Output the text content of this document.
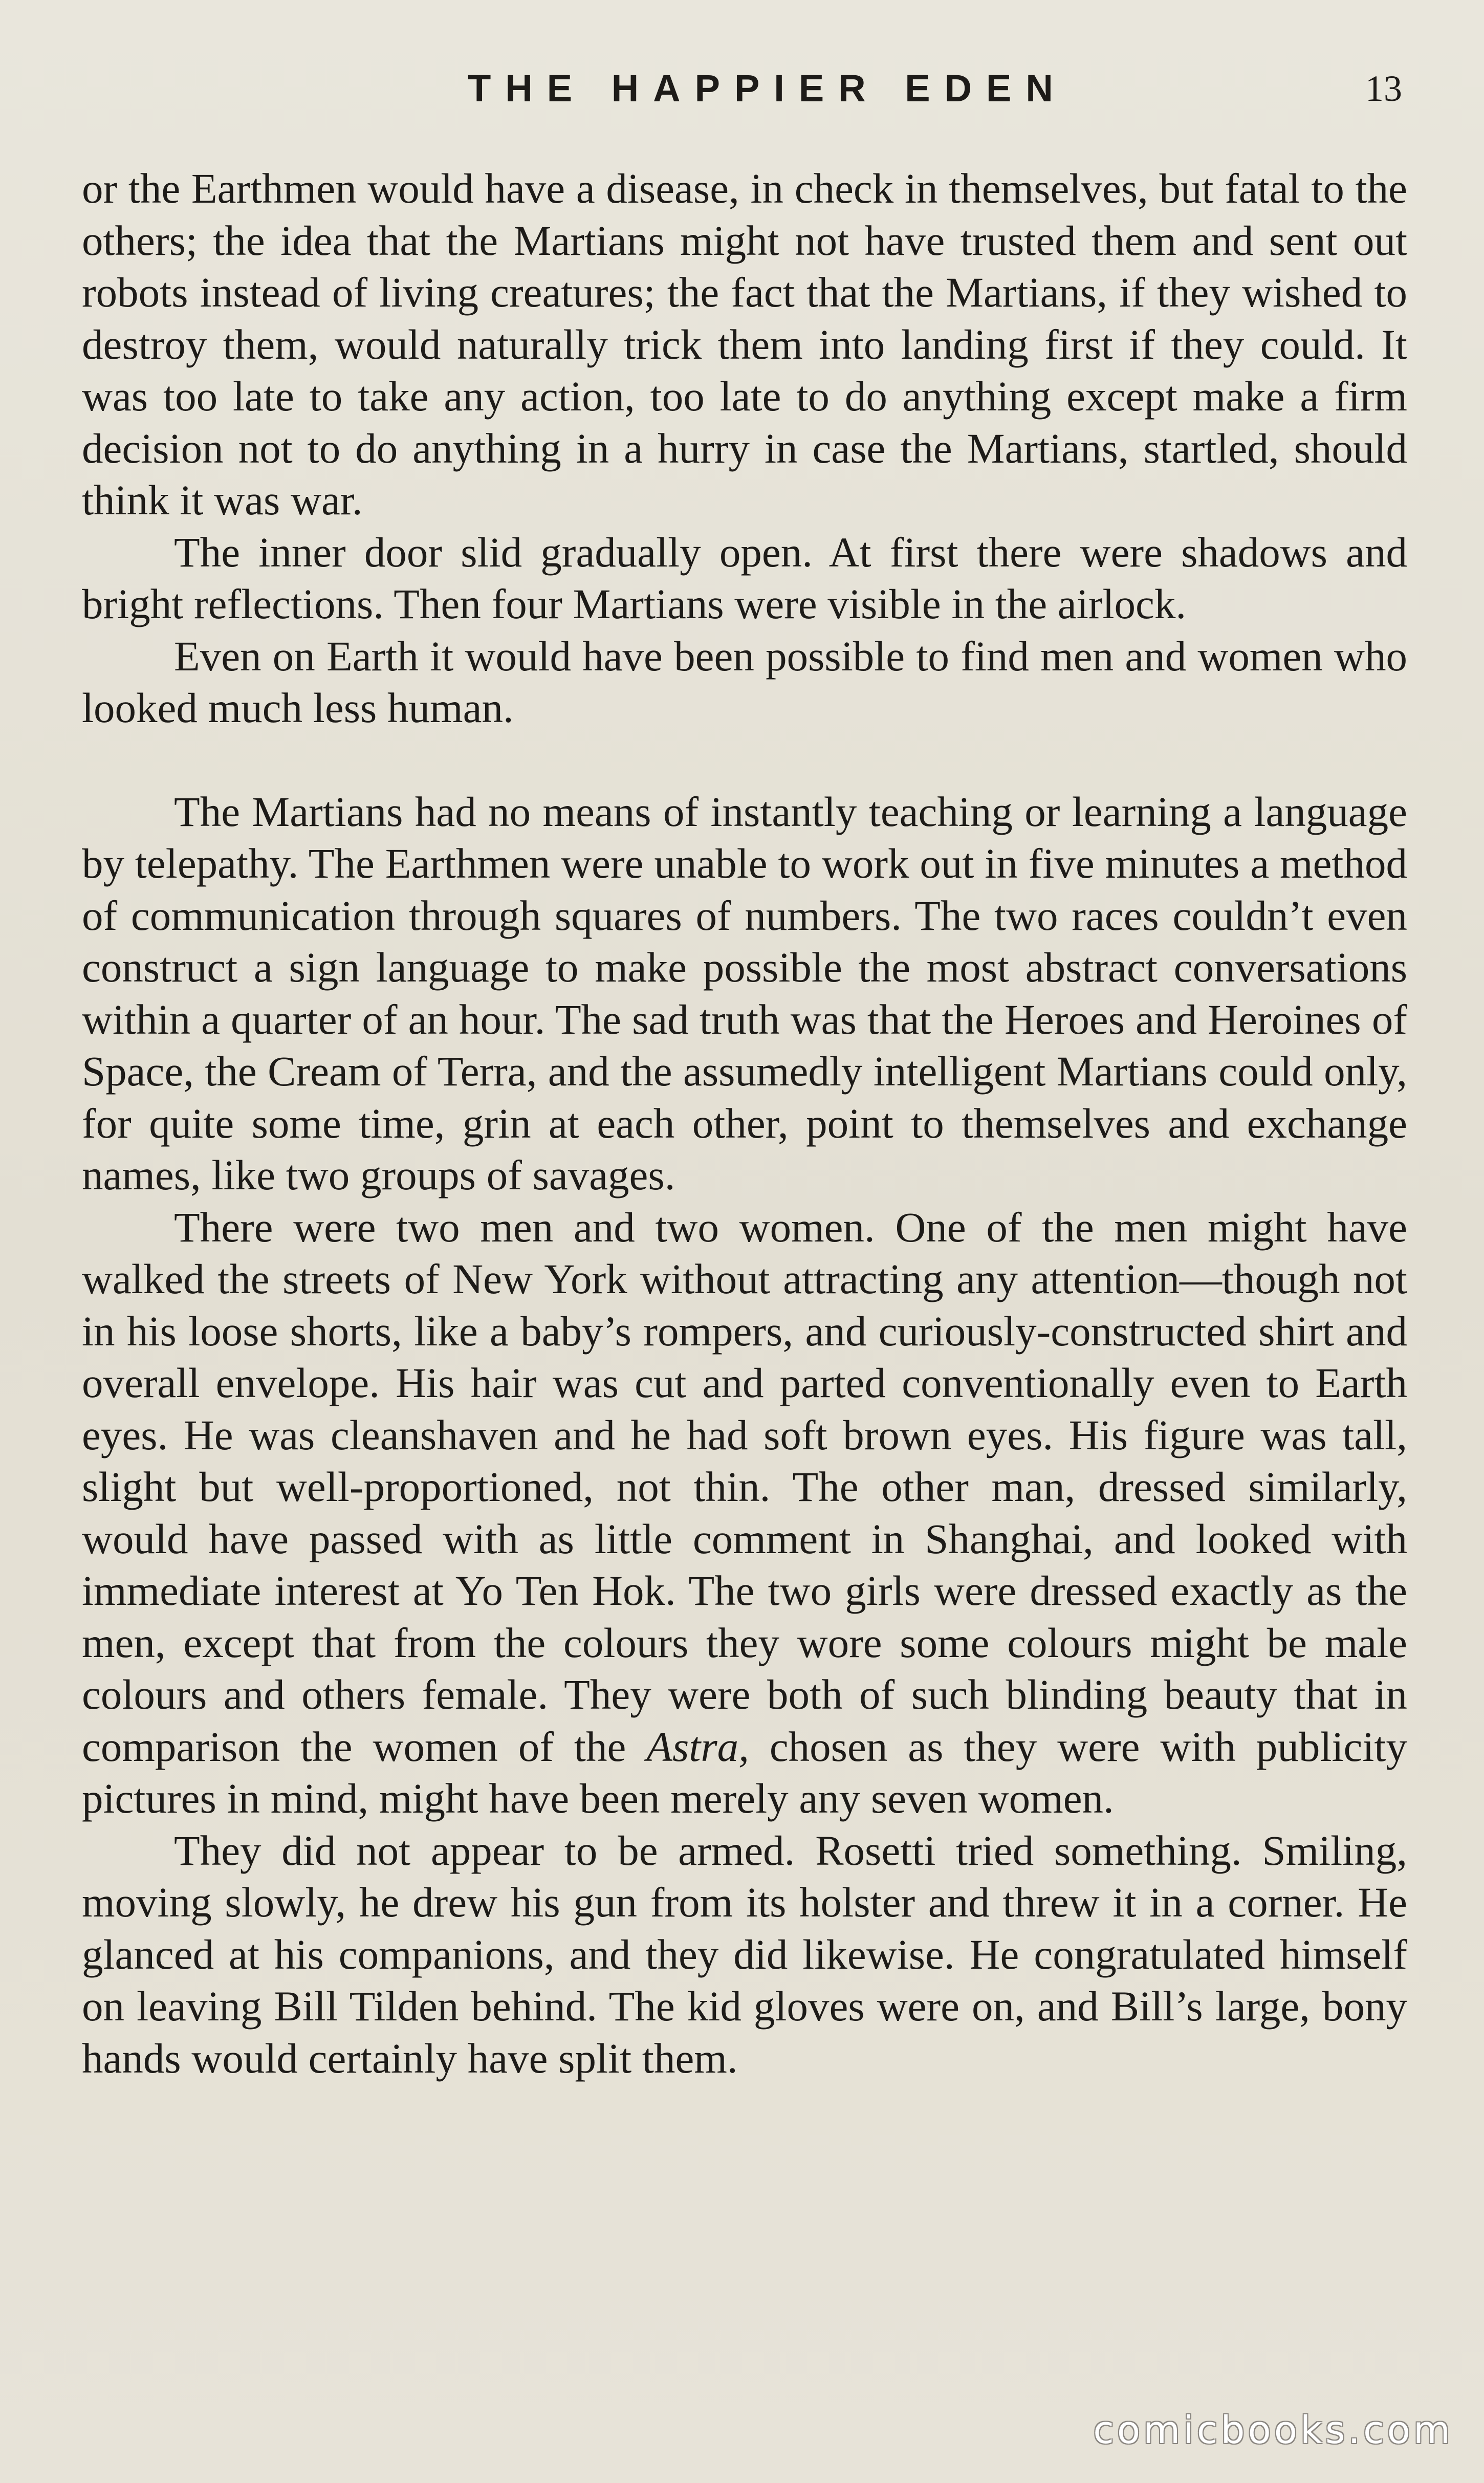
THE HAPPIER EDEN	13

or the Earthmen would have a disease, in check in themselves, but fatal to the others; the idea that the Martians might not have trusted them and sent out robots instead of living creatures; the fact that the Martians, if they wished to destroy them, would naturally trick them into landing first if they could. It was too late to take any action, too late to do anything except make a firm decision not to do anything in a hurry in case the Martians, startled, should think it was war.

The inner door slid gradually open. At first there were shadows and bright reflections. Then four Martians were visible in the airlock.

Even on Earth it would have been possible to find men and women who looked much less human.

The Martians had no means of instantly teaching or learning a language by telepathy. The Earthmen were unable to work out in five minutes a method of communication through squares of numbers. The two races couldn’t even construct a sign language to make possible the most abstract conversations within a quarter of an hour. The sad truth was that the Heroes and Heroines of Space, the Cream of Terra, and the assumedly intelligent Martians could only, for quite some time, grin at each other, point to themselves and exchange names, like two groups of savages.

There were two men and two women. One of the men might have walked the streets of New York without attracting any attention—though not in his loose shorts, like a baby’s rompers, and curiously-constructed shirt and overall envelope. His hair was cut and parted conventionally even to Earth eyes. He was cleanshaven and he had soft brown eyes. His figure was tall, slight but well-proportioned, not thin. The other man, dressed similarly, would have passed with as little comment in Shanghai, and looked with immediate interest at Yo Ten Hok. The two girls were dressed exactly as the men, except that from the colours they wore some colours might be male colours and others female. They were both of such blinding beauty that in comparison the women of the Astra, chosen as they were with publicity pictures in mind, might have been merely any seven women.

They did not appear to be armed. Rosetti tried something. Smiling, moving slowly, he drew his gun from its holster and threw it in a corner. He glanced at his companions, and they did likewise. He congratulated himself on leaving Bill Tilden behind. The kid gloves were on, and Bill’s large, bony hands would certainly have split them.

comicbooks.com
